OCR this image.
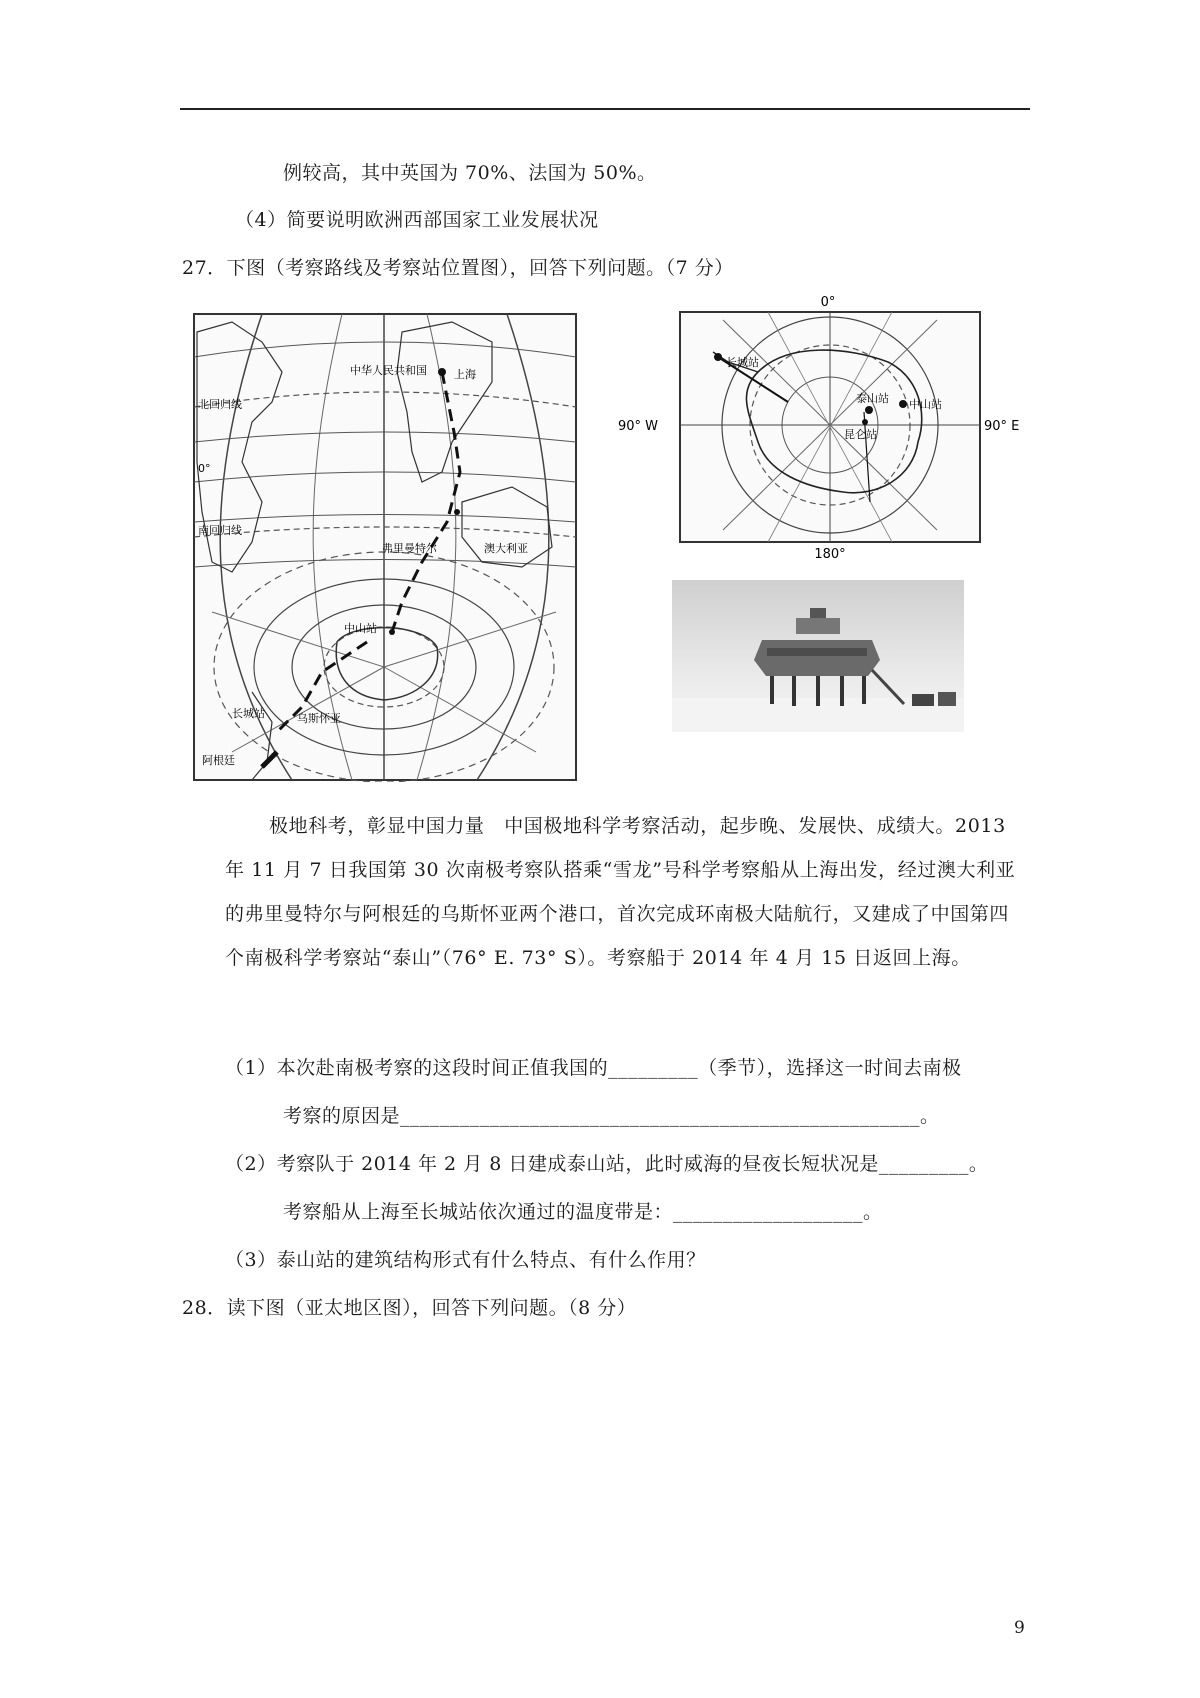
例较高，其中英国为 70%、法国为 50%。
（4）简要说明欧洲西部国家工业发展状况
27．下图（考察路线及考察站位置图），回答下列问题。（7 分）
中华人民共和国 上海
北回归线
0°
南回归线
弗里曼特尔	澳大利亚
中山站
长城站	乌斯怀亚
阿根廷
0°
180°
90° W	90° E
长城站
泰山站 中山站
昆仑站
极地科考，彰显中国力量　中国极地科学考察活动，起步晚、发展快、成绩大。2013年 11 月 7 日我国第 30 次南极考察队搭乘“雪龙”号科学考察船从上海出发，经过澳大利亚的弗里曼特尔与阿根廷的乌斯怀亚两个港口，首次完成环南极大陆航行，又建成了中国第四个南极科学考察站“泰山”（76° E. 73° S）。考察船于 2014 年 4 月 15 日返回上海。
（1）本次赴南极考察的这段时间正值我国的_________（季节），选择这一时间去南极
考察的原因是____________________________________________________。
（2）考察队于 2014 年 2 月 8 日建成泰山站，此时威海的昼夜长短状况是_________。
考察船从上海至长城站依次通过的温度带是：___________________。
（3）泰山站的建筑结构形式有什么特点、有什么作用？
28．读下图（亚太地区图），回答下列问题。（8 分）
9
